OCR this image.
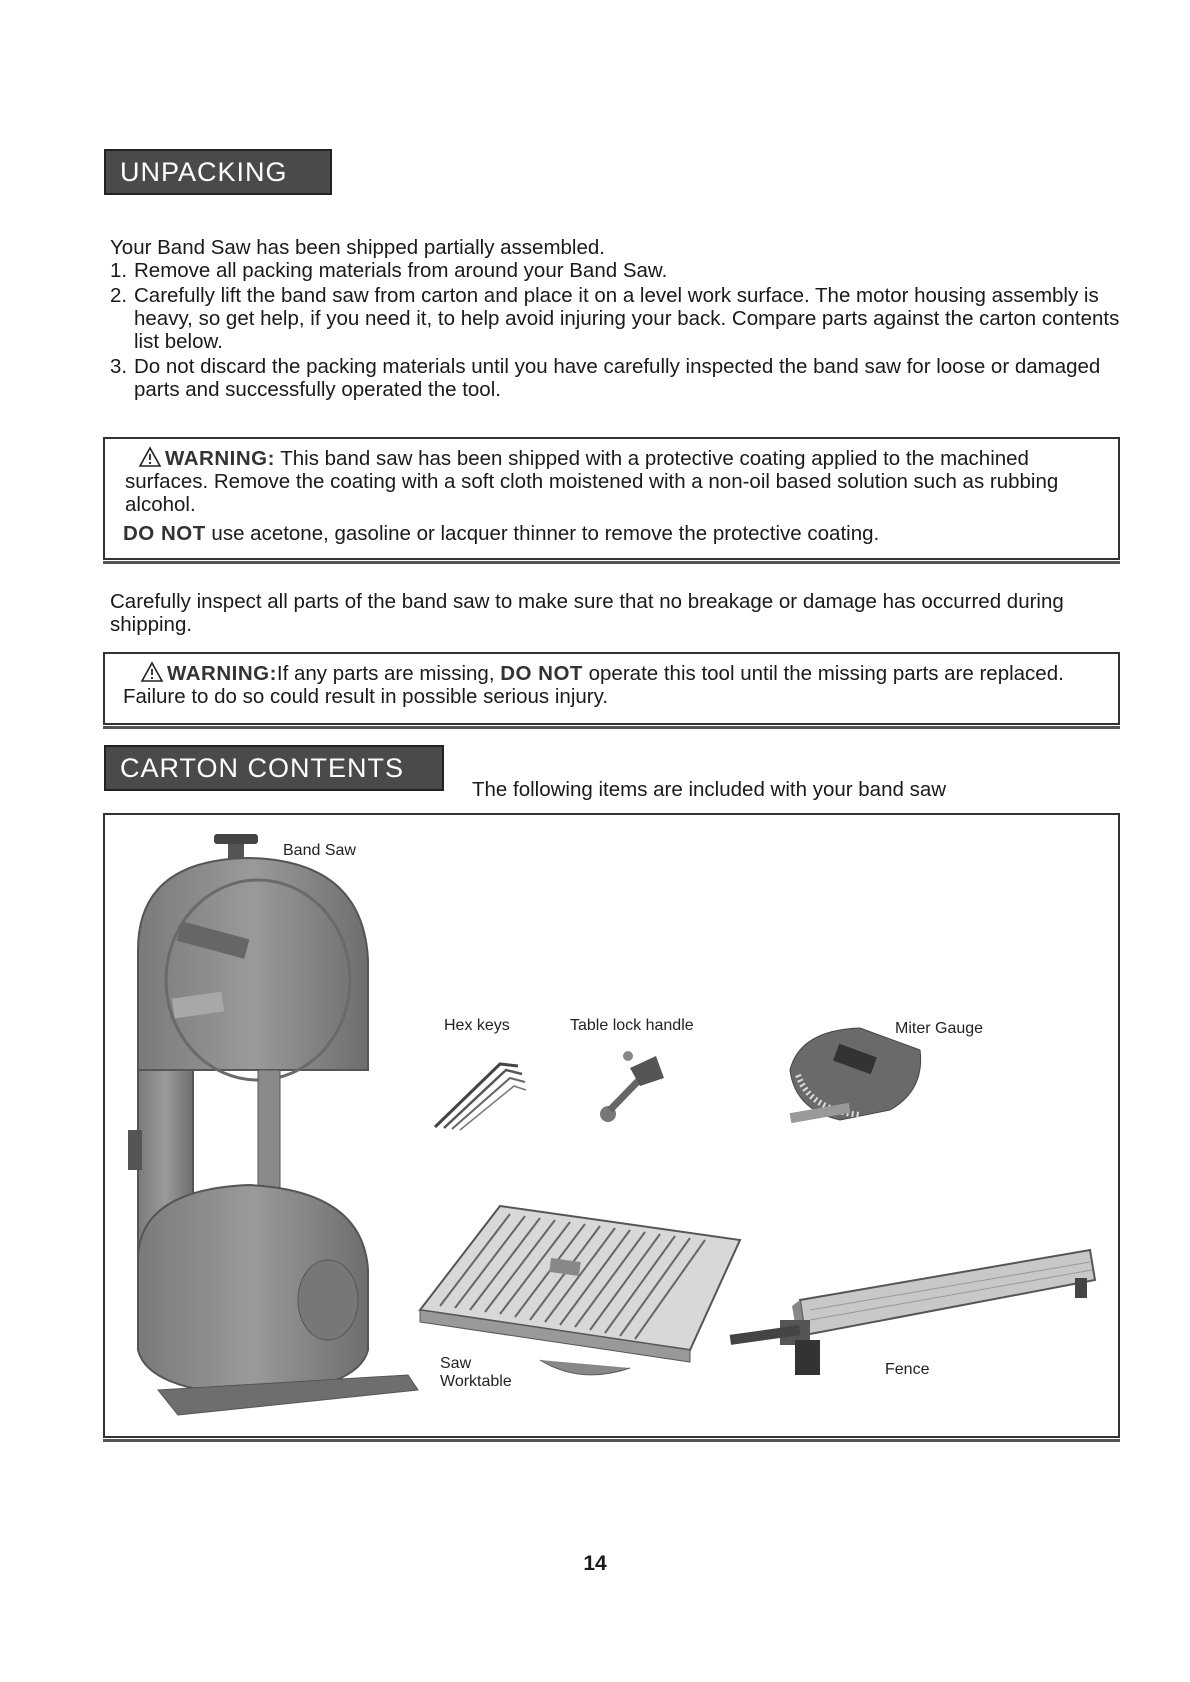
UNPACKING
Your Band Saw has been shipped partially assembled.
1. Remove all packing materials from around your Band Saw.
2. Carefully lift the band saw from carton and place it on a level work surface. The motor housing assembly is heavy, so get help, if you need it, to help avoid injuring your back. Compare parts against the carton contents list below.
3. Do not discard the packing materials until you have carefully inspected the band saw for loose or damaged parts and successfully operated the tool.
WARNING: This band saw has been shipped with a protective coating applied to the machined surfaces. Remove the coating with a soft cloth moistened with a non-oil based solution such as rubbing alcohol.
DO NOT use acetone, gasoline or lacquer thinner to remove the protective coating.
Carefully inspect all parts of the band saw to make sure that no breakage or damage has occurred during shipping.
WARNING:If any parts are missing, DO NOT operate this tool until the missing parts are replaced. Failure to do so could result in possible serious injury.
CARTON CONTENTS
The following items are included with your band saw
Band Saw
Hex keys	Table lock handle	Miter Gauge
Saw
Worktable
Fence
14
